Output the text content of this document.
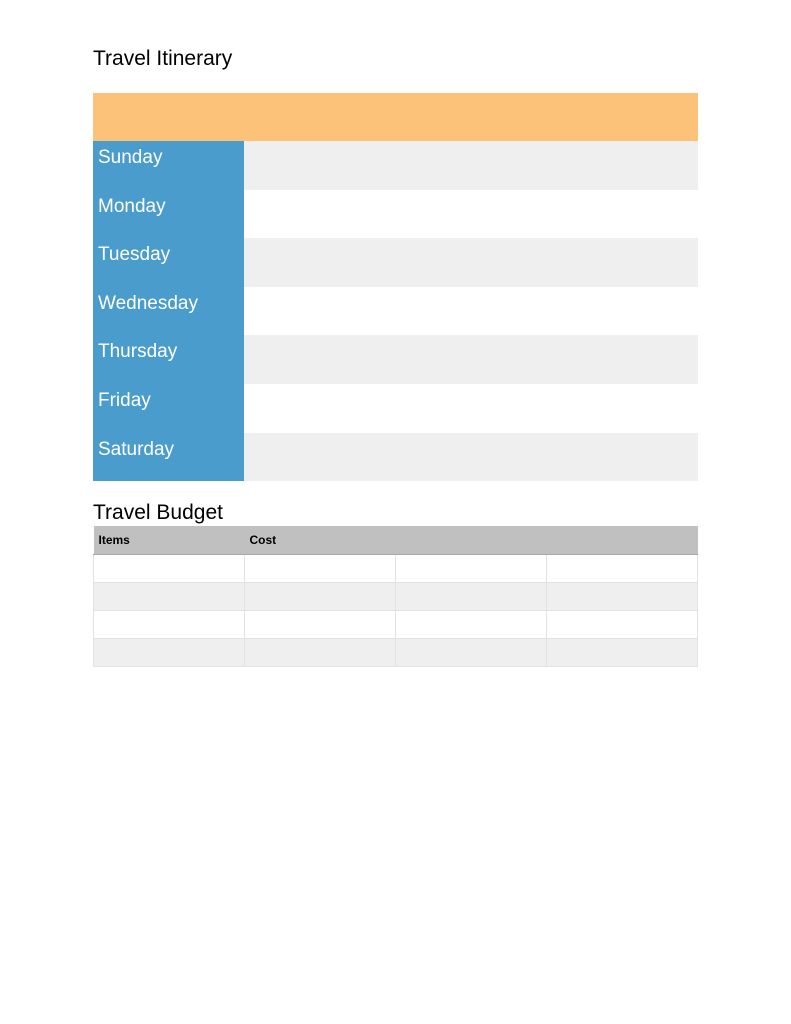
Travel Itinerary
Sunday
Monday
Tuesday
Wednesday
Thursday
Friday
Saturday
Travel Budget
Items	Cost		
